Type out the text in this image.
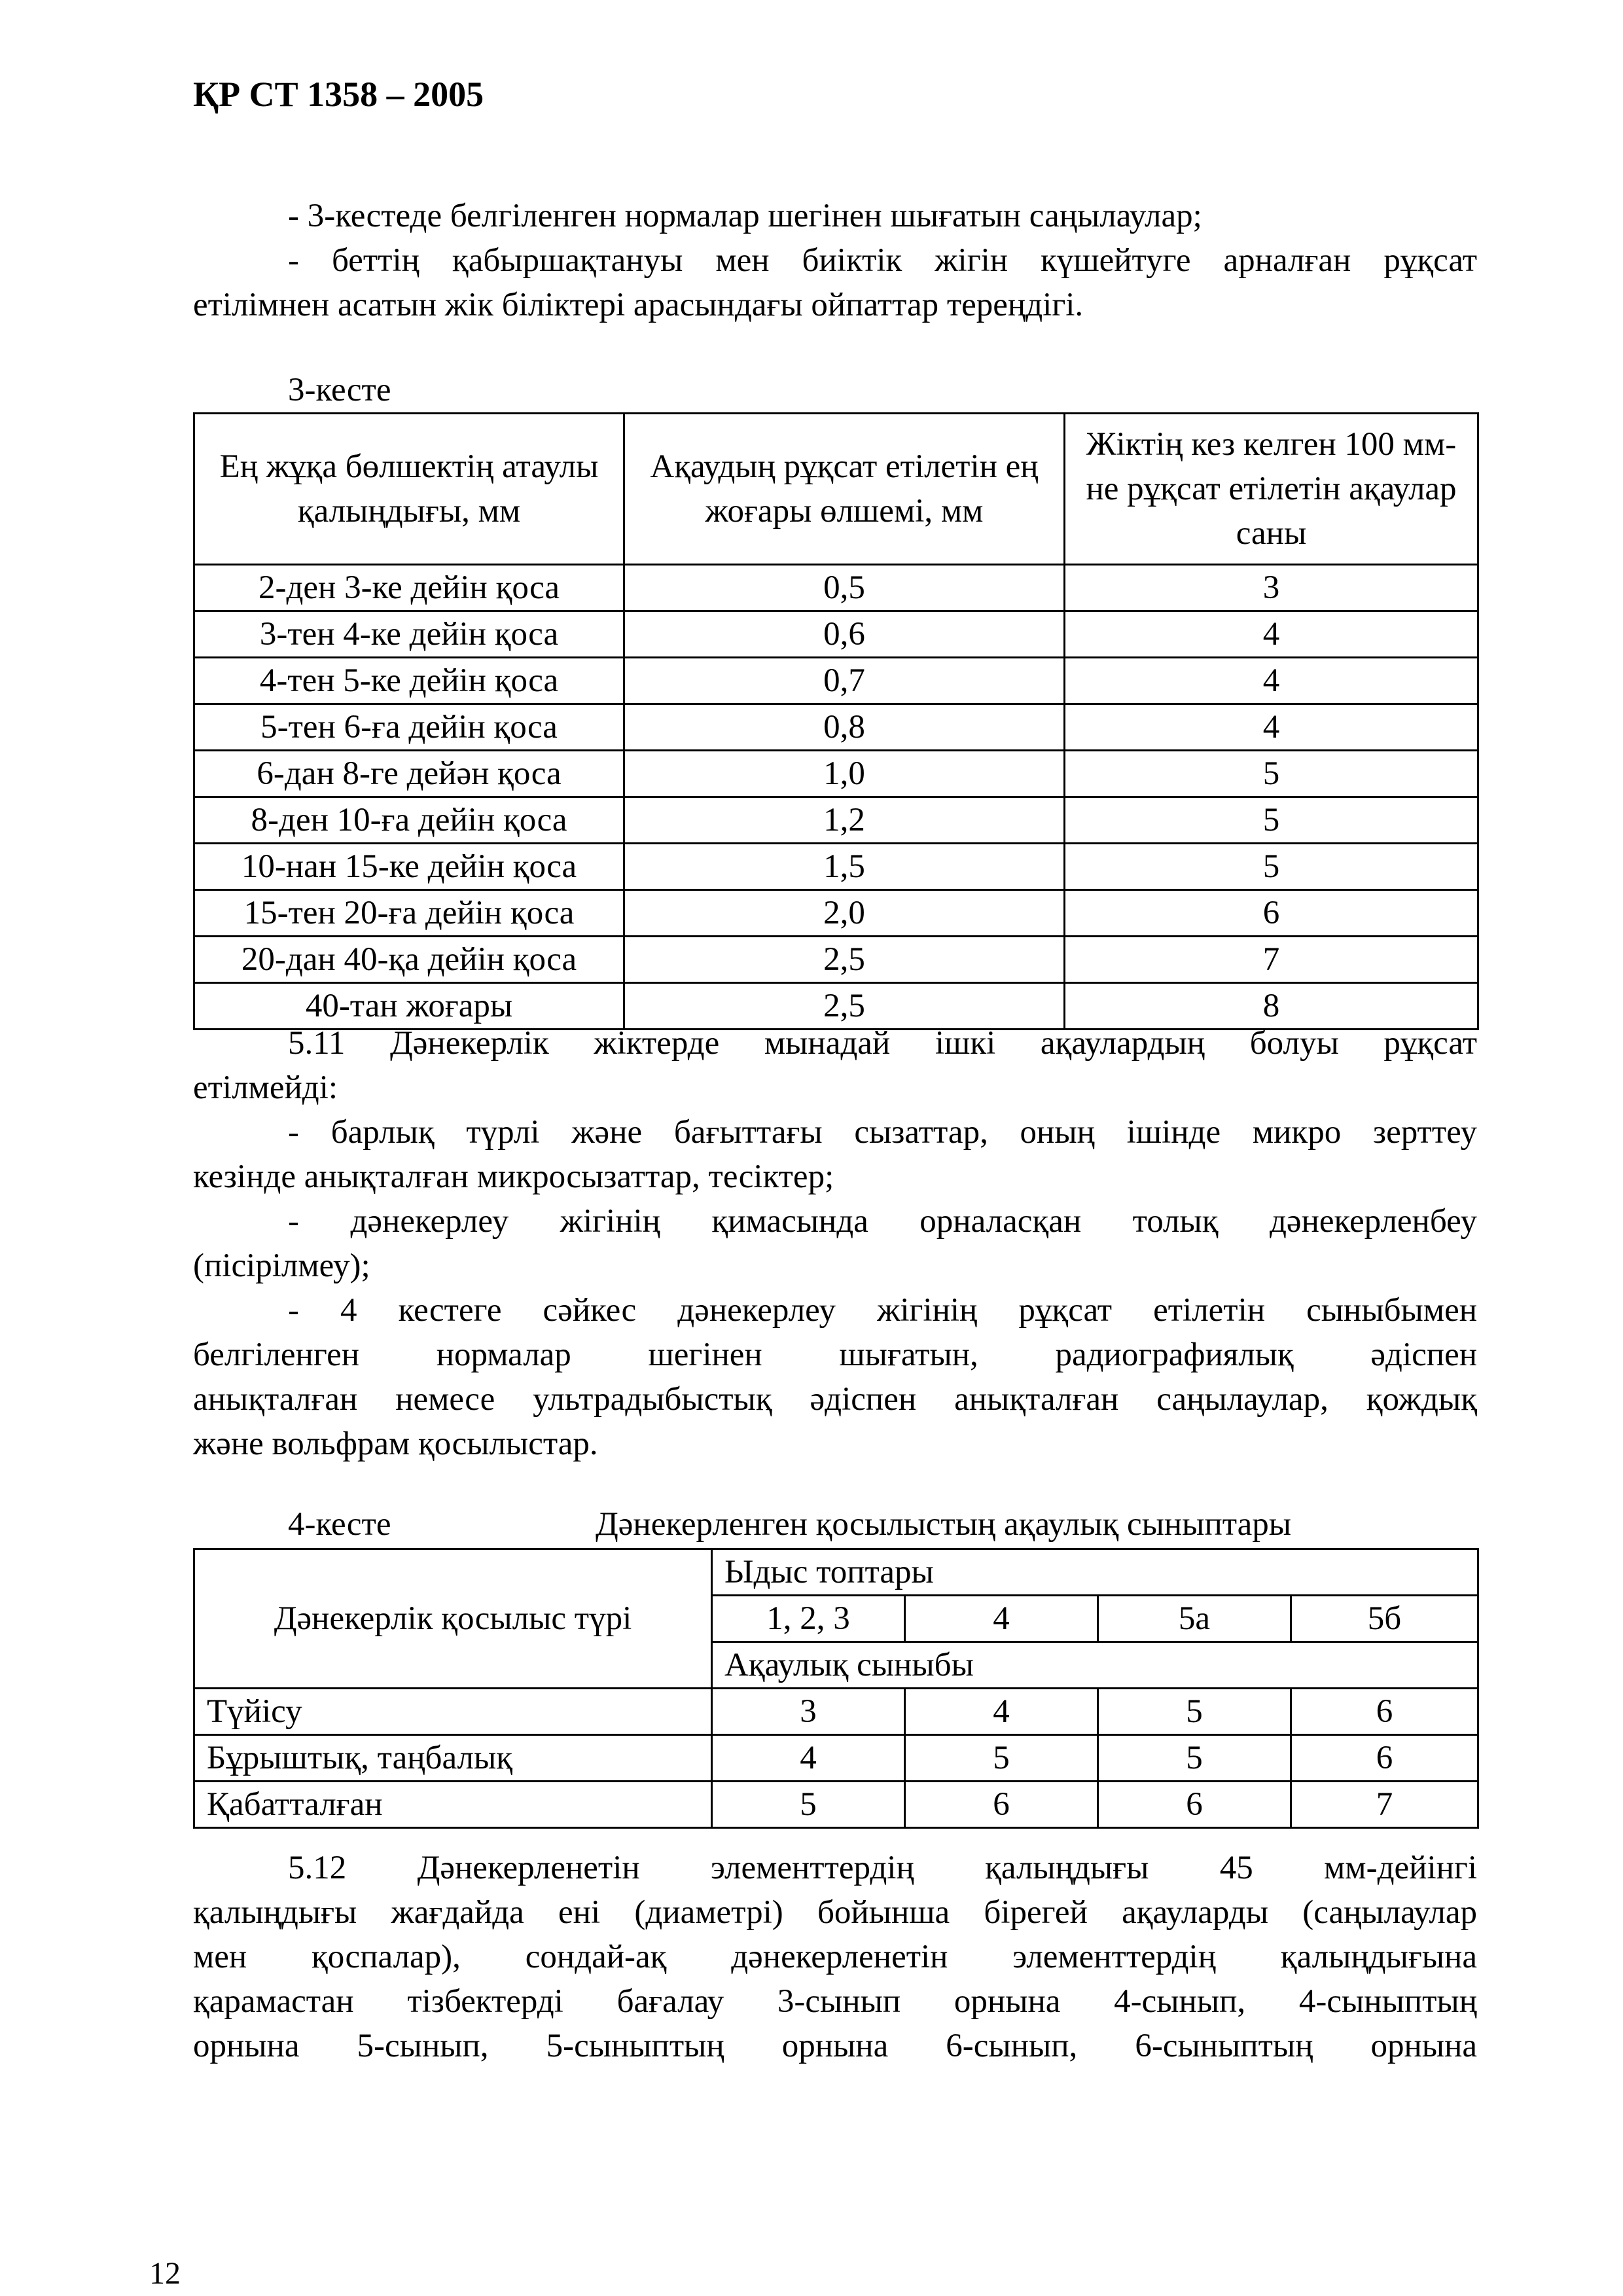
ҚР СТ 1358 – 2005
- 3-кестеде белгіленген нормалар шегінен шығатын саңылаулар;
- беттің қабыршақтануы мен биіктік жігін күшейтуге арналған рұқсат
етілімнен асатын жік біліктері арасындағы ойпаттар тереңдігі.
3-кесте
Ең жұқа бөлшектің атаулы қалыңдығы, мм	Ақаудың рұқсат етілетін ең жоғары өлшемі, мм	Жіктің кез келген 100 мм-не рұқсат етілетін ақаулар саны
2-ден 3-ке дейін қоса	0,5	3
3-тен 4-ке дейін қоса	0,6	4
4-тен 5-ке дейін қоса	0,7	4
5-тен 6-ға дейін қоса	0,8	4
6-дан 8-ге дейән қоса	1,0	5
8-ден 10-ға дейін қоса	1,2	5
10-нан 15-ке дейін қоса	1,5	5
15-тен 20-ға дейін қоса	2,0	6
20-дан 40-қа дейін қоса	2,5	7
40-тан жоғары	2,5	8
5.11 Дәнекерлік жіктерде мынадай ішкі ақаулардың болуы рұқсат
етілмейді:
- барлық түрлі және бағыттағы сызаттар, оның ішінде микро зерттеу
кезінде анықталған микросызаттар, тесіктер;
- дәнекерлеу жігінің қимасында орналасқан толық дәнекерленбеу
(пісірілмеу);
- 4 кестеге сәйкес дәнекерлеу жігінің рұқсат етілетін сыныбымен
белгіленген нормалар шегінен шығатын, радиографиялық әдіспен
анықталған немесе ультрадыбыстық әдіспен анықталған саңылаулар, қождық
және вольфрам қосылыстар.
4-кесте	Дәнекерленген қосылыстың ақаулық сыныптары
Дәнекерлік қосылыс түрі	Ыдыс топтары			
	1, 2, 3	4	5а	5б
	Ақаулық сыныбы			
Түйісу	3	4	5	6
Бұрыштық, таңбалық	4	5	5	6
Қабатталған	5	6	6	7
5.12 Дәнекерленетін элементтердің қалыңдығы 45 мм-дейінгі
қалыңдығы жағдайда ені (диаметрі) бойынша бірегей ақауларды (саңылаулар
мен қоспалар), сондай-ақ дәнекерленетін элементтердің қалыңдығына
қарамастан тізбектерді бағалау 3-сынып орнына 4-сынып, 4-сыныптың
орнына 5-сынып, 5-сыныптың орнына 6-сынып, 6-сыныптың орнына
12
